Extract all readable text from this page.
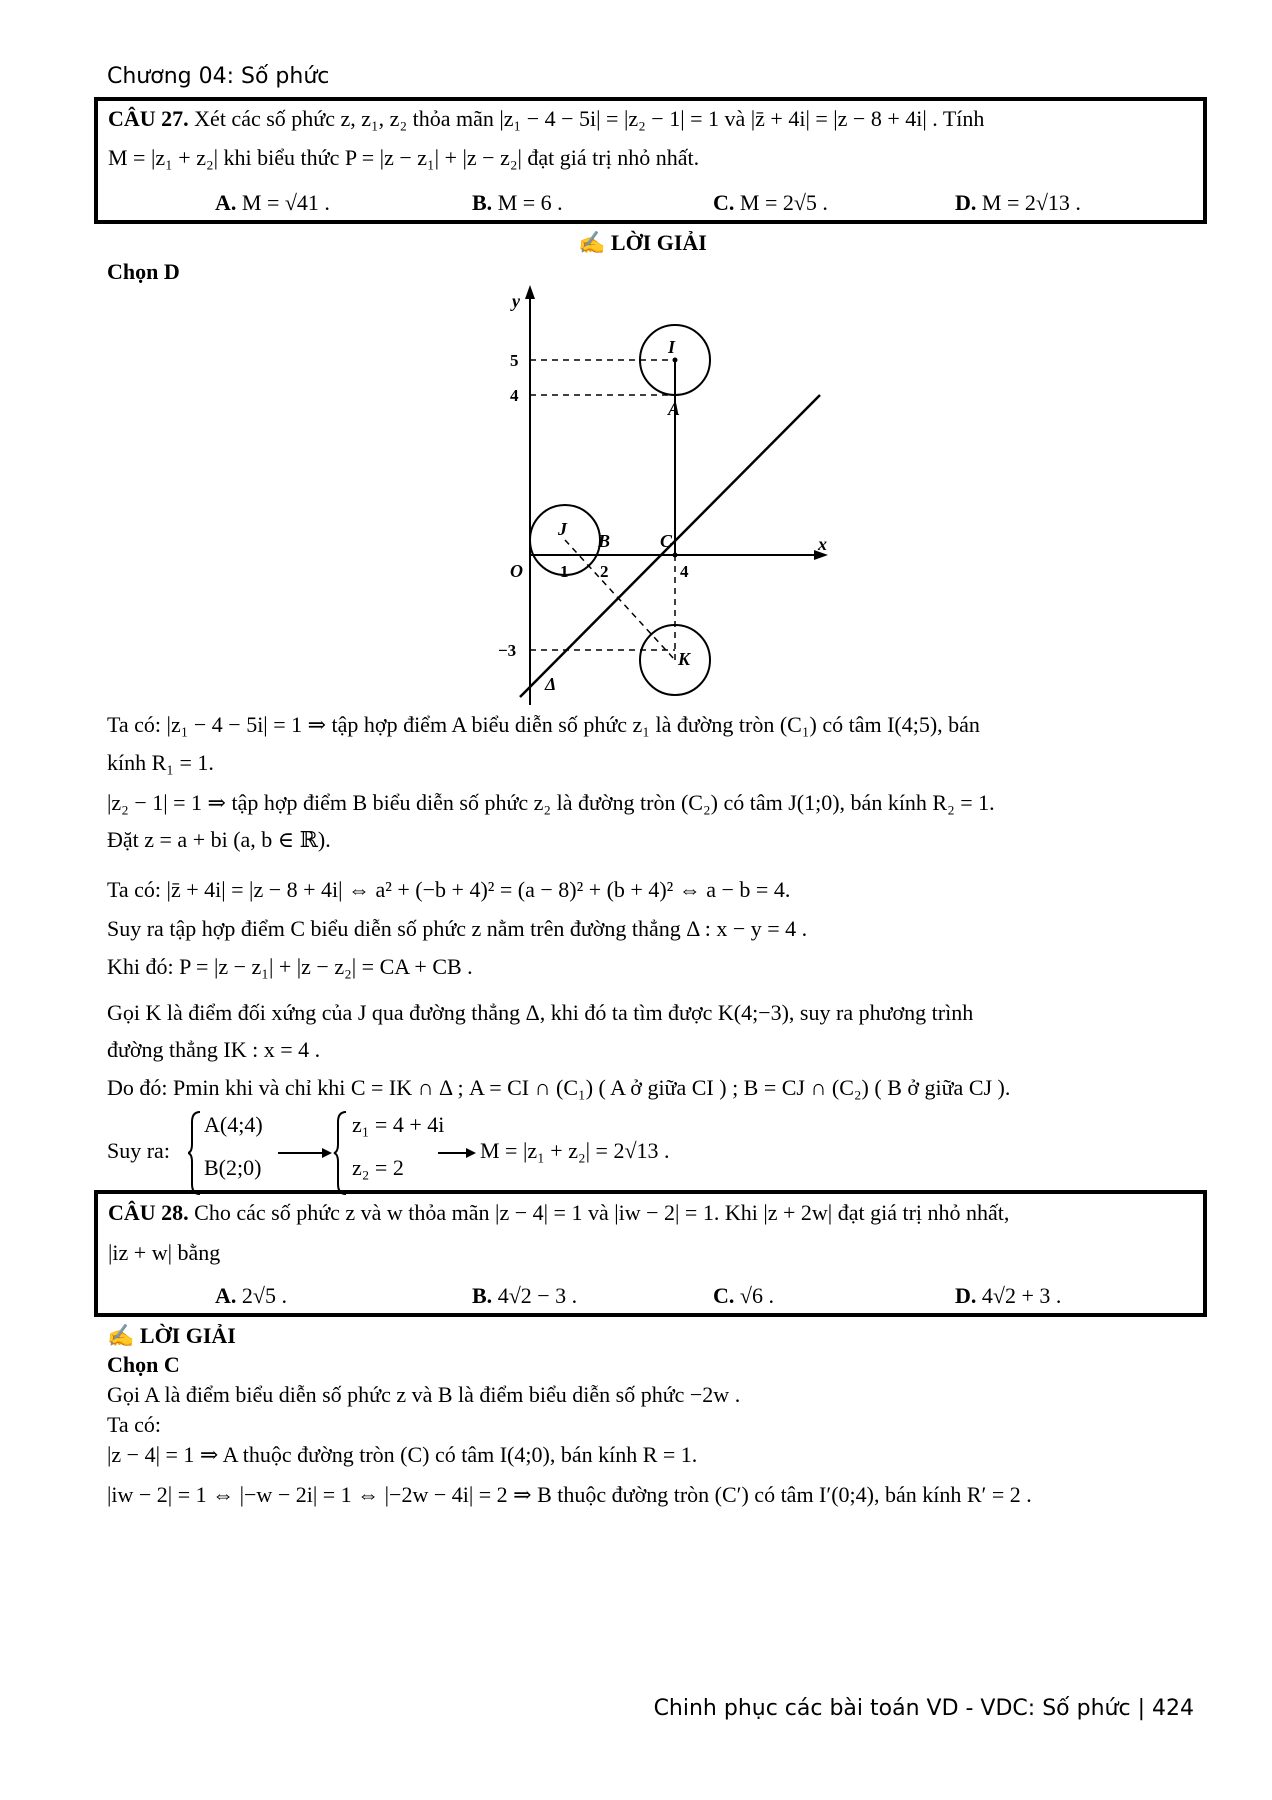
Chương 04: Số phức
CÂU 27. Xét các số phức z, z₁, z₂ thỏa mãn |z₁ − 4 − 5i| = |z₂ − 1| = 1 và |z̄ + 4i| = |z − 8 + 4i| . Tính
M = |z₁ + z₂| khi biểu thức P = |z − z₁| + |z − z₂| đạt giá trị nhỏ nhất.
A. M = √41 .	B. M = 6 .	C. M = 2√5 .	D. M = 2√13 .
✍ LỜI GIẢI
Chọn D
y
x
I
A
J
B	C
K
Δ
O
5
4
−3
1 2	4
Ta có: |z₁ − 4 − 5i| = 1 ⇒ tập hợp điểm A biểu diễn số phức z₁ là đường tròn (C₁) có tâm I(4;5), bán
kính R₁ = 1.
|z₂ − 1| = 1 ⇒ tập hợp điểm B biểu diễn số phức z₂ là đường tròn (C₂) có tâm J(1;0), bán kính R₂ = 1.
Đặt z = a + bi (a, b ∈ ℝ).
Ta có: |z̄ + 4i| = |z − 8 + 4i| ⇔ a² + (−b + 4)² = (a − 8)² + (b + 4)² ⇔ a − b = 4.
Suy ra tập hợp điểm C biểu diễn số phức z nằm trên đường thẳng Δ : x − y = 4 .
Khi đó: P = |z − z₁| + |z − z₂| = CA + CB .
Gọi K là điểm đối xứng của J qua đường thẳng Δ, khi đó ta tìm được K(4;−3), suy ra phương trình
đường thẳng IK : x = 4 .
Do đó: Pmin khi và chỉ khi C = IK ∩ Δ ; A = CI ∩ (C₁) ( A ở giữa CI ) ; B = CJ ∩ (C₂) ( B ở giữa CJ ).
Suy ra:
A(4;4)
B(2;0)
z₁ = 4 + 4i
z₂ = 2
M = |z₁ + z₂| = 2√13 .
CÂU 28. Cho các số phức z và w thỏa mãn |z − 4| = 1 và |iw − 2| = 1. Khi |z + 2w| đạt giá trị nhỏ nhất,
|iz + w| bằng
A. 2√5 .	B. 4√2 − 3 .	C. √6 .	D. 4√2 + 3 .
✍ LỜI GIẢI
Chọn C
Gọi A là điểm biểu diễn số phức z và B là điểm biểu diễn số phức −2w .
Ta có:
|z − 4| = 1 ⇒ A thuộc đường tròn (C) có tâm I(4;0), bán kính R = 1.
|iw − 2| = 1 ⇔ |−w − 2i| = 1 ⇔ |−2w − 4i| = 2 ⇒ B thuộc đường tròn (C′) có tâm I′(0;4), bán kính R′ = 2 .
Chinh phục các bài toán VD - VDC: Số phức | 424
